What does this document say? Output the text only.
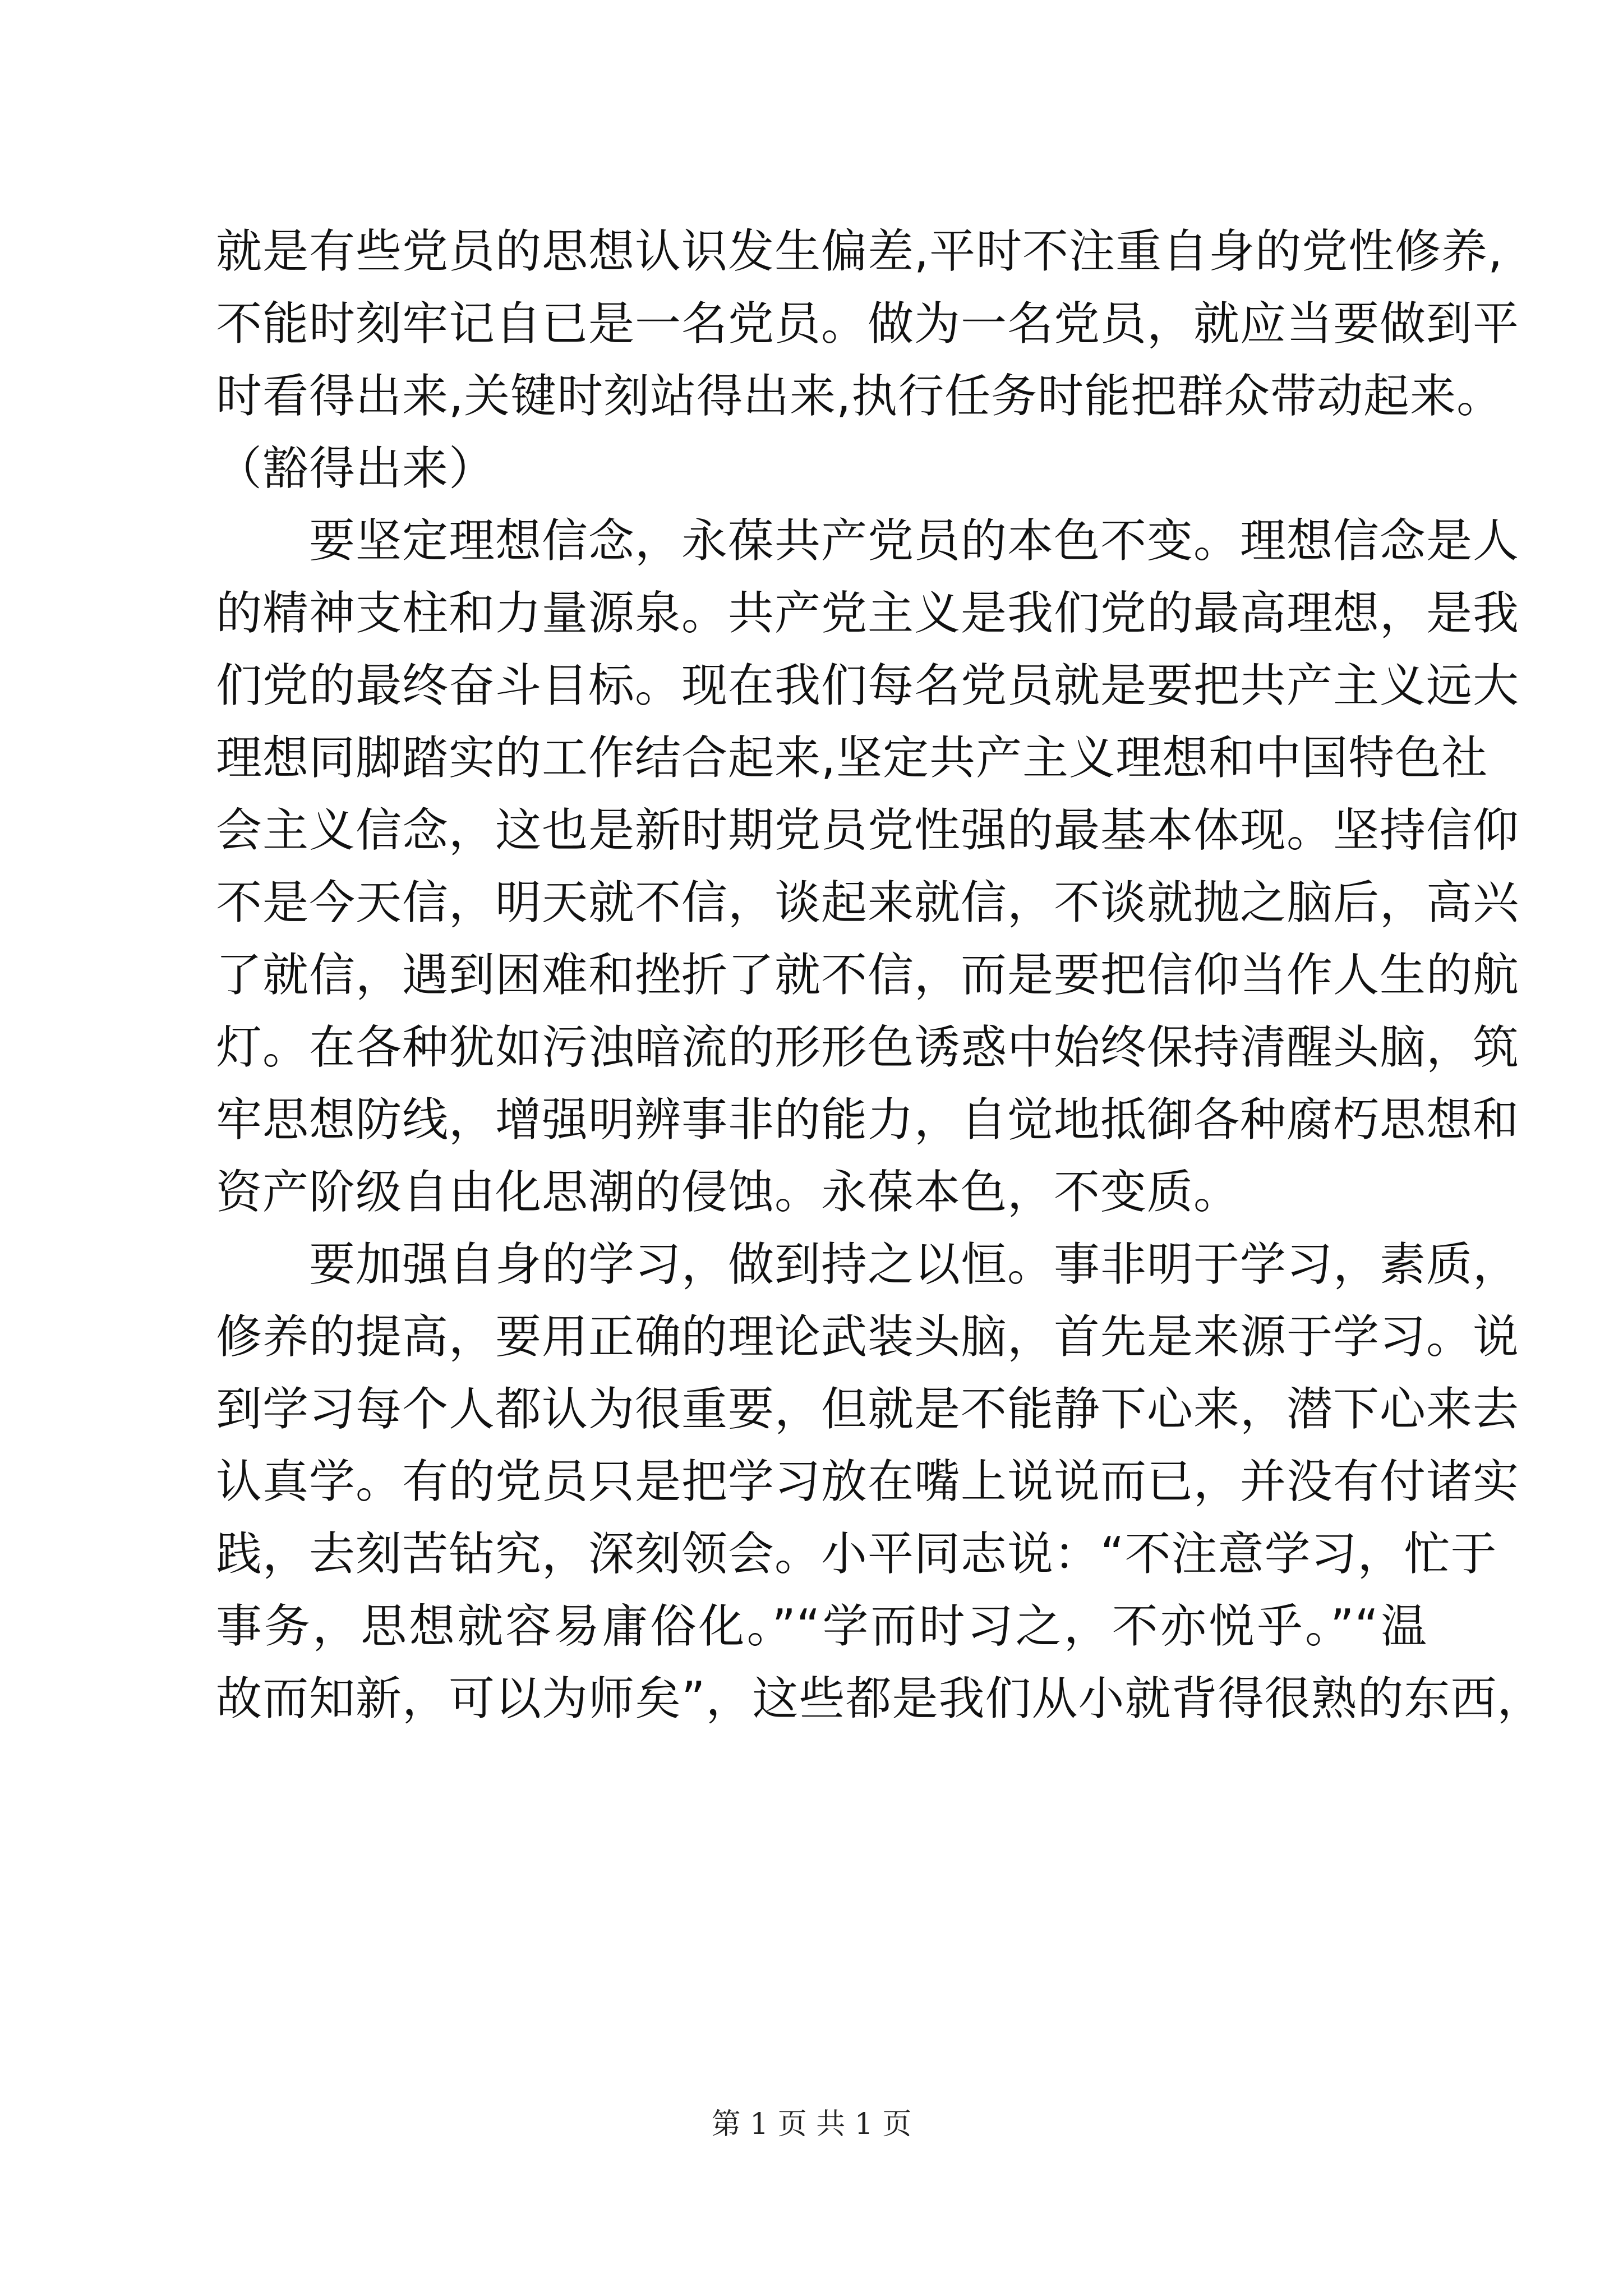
就是有些党员的思想认识发生偏差,平时不注重自身的党性修养,
不能时刻牢记自已是一名党员。做为一名党员，就应当要做到平
时看得出来,关键时刻站得出来,执行任务时能把群众带动起来。
（豁得出来）
　　要坚定理想信念，永葆共产党员的本色不变。理想信念是人
的精神支柱和力量源泉。共产党主义是我们党的最高理想，是我
们党的最终奋斗目标。现在我们每名党员就是要把共产主义远大
理想同脚踏实的工作结合起来,坚定共产主义理想和中国特色社
会主义信念，这也是新时期党员党性强的最基本体现。坚持信仰
不是今天信，明天就不信，谈起来就信，不谈就抛之脑后，高兴
了就信，遇到困难和挫折了就不信，而是要把信仰当作人生的航
灯。在各种犹如污浊暗流的形形色诱惑中始终保持清醒头脑，筑
牢思想防线，增强明辨事非的能力，自觉地抵御各种腐朽思想和
资产阶级自由化思潮的侵蚀。永葆本色，不变质。
　　要加强自身的学习，做到持之以恒。事非明于学习，素质，
修养的提高，要用正确的理论武装头脑，首先是来源于学习。说
到学习每个人都认为很重要，但就是不能静下心来，潜下心来去
认真学。有的党员只是把学习放在嘴上说说而已，并没有付诸实
践，去刻苦钻究，深刻领会。小平同志说：“不注意学习，忙于
事务，思想就容易庸俗化。”“学而时习之，不亦悦乎。”“温
故而知新，可以为师矣”，这些都是我们从小就背得很熟的东西，
第 1 页 共 1 页
